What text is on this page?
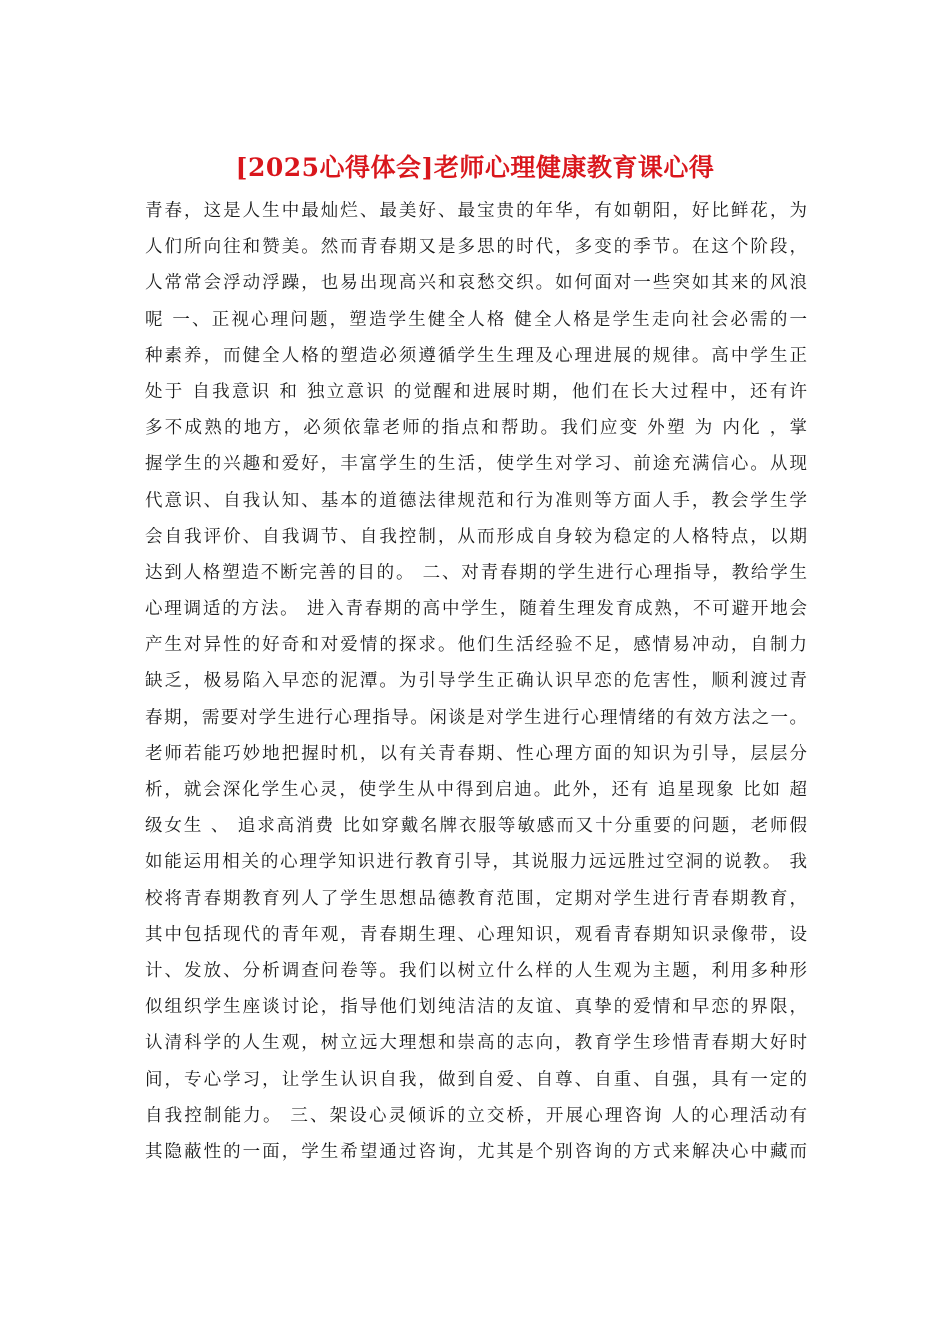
[2025心得体会]老师心理健康教育课心得
青春，这是人生中最灿烂、最美好、最宝贵的年华，有如朝阳，好比鲜花，为
人们所向往和赞美。然而青春期又是多思的时代，多变的季节。在这个阶段，
人常常会浮动浮躁，也易出现高兴和哀愁交织。如何面对一些突如其来的风浪
呢 一、正视心理问题，塑造学生健全人格 健全人格是学生走向社会必需的一
种素养，而健全人格的塑造必须遵循学生生理及心理进展的规律。高中学生正
处于 自我意识 和 独立意识 的觉醒和进展时期，他们在长大过程中，还有许
多不成熟的地方，必须依靠老师的指点和帮助。我们应变 外塑 为 内化 ，掌
握学生的兴趣和爱好，丰富学生的生活，使学生对学习、前途充满信心。从现
代意识、自我认知、基本的道德法律规范和行为准则等方面人手，教会学生学
会自我评价、自我调节、自我控制，从而形成自身较为稳定的人格特点，以期
达到人格塑造不断完善的目的。 二、对青春期的学生进行心理指导，教给学生
心理调适的方法。 进入青春期的高中学生，随着生理发育成熟，不可避开地会
产生对异性的好奇和对爱情的探求。他们生活经验不足，感情易冲动，自制力
缺乏，极易陷入早恋的泥潭。为引导学生正确认识早恋的危害性，顺利渡过青
春期，需要对学生进行心理指导。闲谈是对学生进行心理情绪的有效方法之一。
老师若能巧妙地把握时机，以有关青春期、性心理方面的知识为引导，层层分
析，就会深化学生心灵，使学生从中得到启迪。此外，还有 追星现象 比如 超
级女生 、 追求高消费 比如穿戴名牌衣服等敏感而又十分重要的问题，老师假
如能运用相关的心理学知识进行教育引导，其说服力远远胜过空洞的说教。 我
校将青春期教育列人了学生思想品德教育范围，定期对学生进行青春期教育，
其中包括现代的青年观，青春期生理、心理知识，观看青春期知识录像带，设
计、发放、分析调查问卷等。我们以树立什么样的人生观为主题，利用多种形
似组织学生座谈讨论，指导他们划纯洁洁的友谊、真挚的爱情和早恋的界限，
认清科学的人生观，树立远大理想和崇高的志向，教育学生珍惜青春期大好时
间，专心学习，让学生认识自我，做到自爱、自尊、自重、自强，具有一定的
自我控制能力。 三、架设心灵倾诉的立交桥，开展心理咨询 人的心理活动有
其隐蔽性的一面，学生希望通过咨询，尤其是个别咨询的方式来解决心中藏而
